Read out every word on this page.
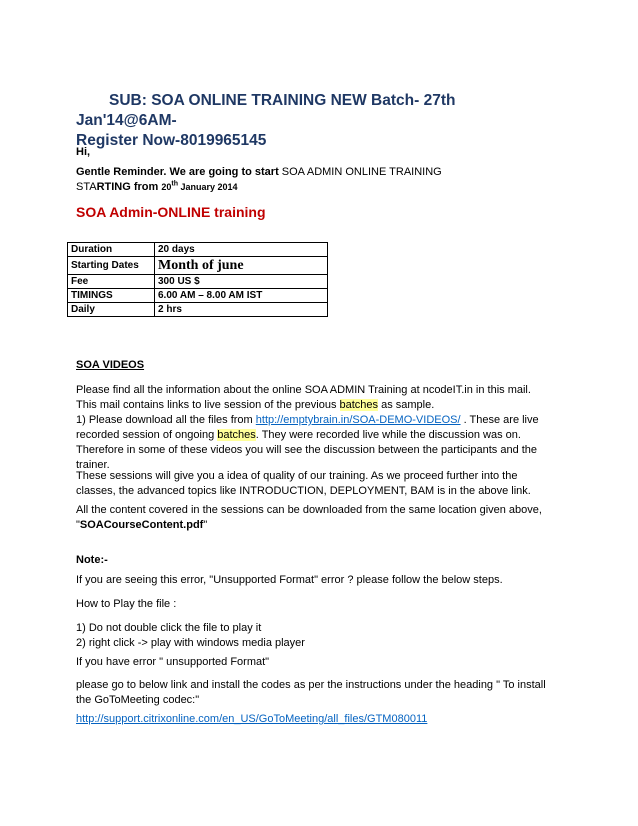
SUB: SOA ONLINE TRAINING NEW Batch- 27th Jan'14@6AM-
Register Now-8019965145
Hi,
Gentle Reminder. We are going to start SOA ADMIN ONLINE TRAINING
STARTING from 20th January 2014
SOA Admin-ONLINE training
Duration	20 days
Starting Dates	Month of june
Fee	300 US $
TIMINGS	6.00 AM – 8.00 AM IST
Daily	2 hrs
SOA VIDEOS
Please find all the information about the online SOA ADMIN Training at ncodeIT.in in this mail. This mail contains links to live session of the previous batches as sample.
1) Please download all the files from http://emptybrain.in/SOA-DEMO-VIDEOS/ . These are live recorded session of ongoing batches. They were recorded live while the discussion was on. Therefore in some of these videos you will see the discussion between the participants and the trainer.
These sessions will give you a idea of quality of our training. As we proceed further into the classes, the advanced topics like INTRODUCTION, DEPLOYMENT, BAM is in the above link.
All the content covered in the sessions can be downloaded from the same location given above, "SOACourseContent.pdf"
Note:-
If you are seeing this error, "Unsupported Format" error ? please follow the below steps.
How to Play the file :
1) Do not double click the file to play it
2) right click -> play with windows media player
If you have error " unsupported Format"
please go to below link and install the codes as per the instructions under the heading " To install the GoToMeeting codec:"
http://support.citrixonline.com/en_US/GoToMeeting/all_files/GTM080011
